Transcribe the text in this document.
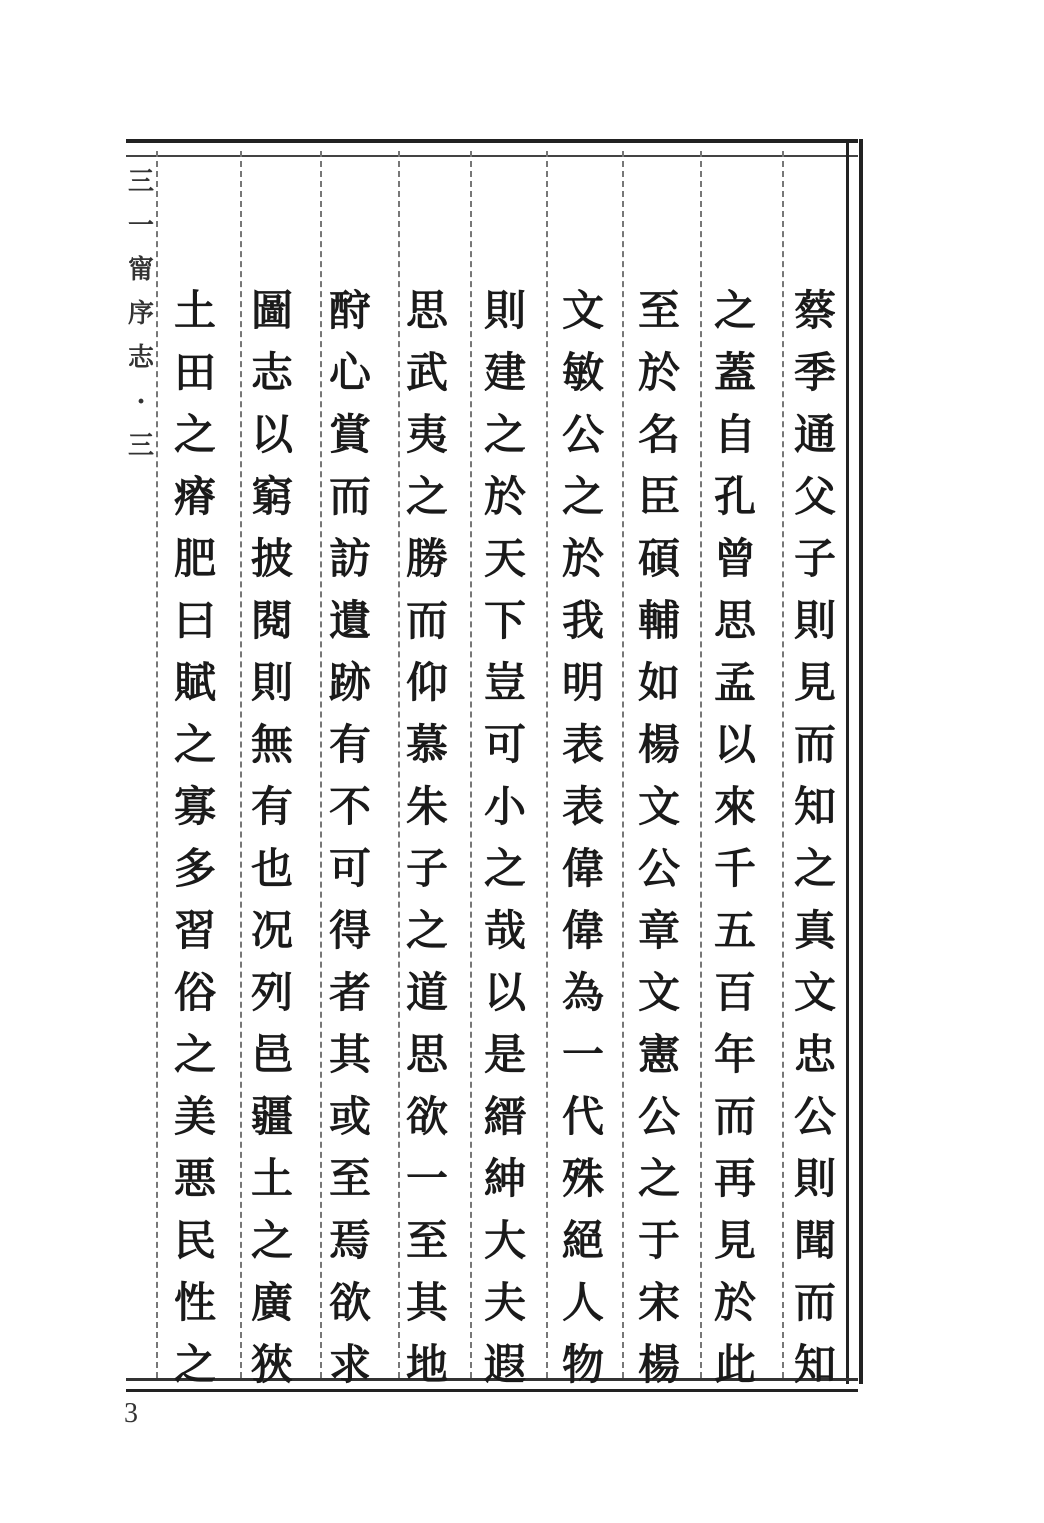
三
一
甯
序
志
·
三
蔡
季
通
父
子
則
見
而
知
之
真
文
忠
公
則
聞
而
知
之
蓋
自
孔
曾
思
孟
以
來
千
五
百
年
而
再
見
於
此
至
於
名
臣
碩
輔
如
楊
文
公
章
文
憲
公
之
于
宋
楊
文
敏
公
之
於
我
明
表
表
偉
偉
為
一
代
殊
絕
人
物
則
建
之
於
天
下
豈
可
小
之
哉
以
是
縉
紳
大
夫
遐
思
武
夷
之
勝
而
仰
慕
朱
子
之
道
思
欲
一
至
其
地
酧
心
賞
而
訪
遺
跡
有
不
可
得
者
其
或
至
焉
欲
求
圖
志
以
窮
披
閱
則
無
有
也
况
列
邑
疆
土
之
廣
狹
土
田
之
瘠
肥
曰
賦
之
寡
多
習
俗
之
美
悪
民
性
之
3
